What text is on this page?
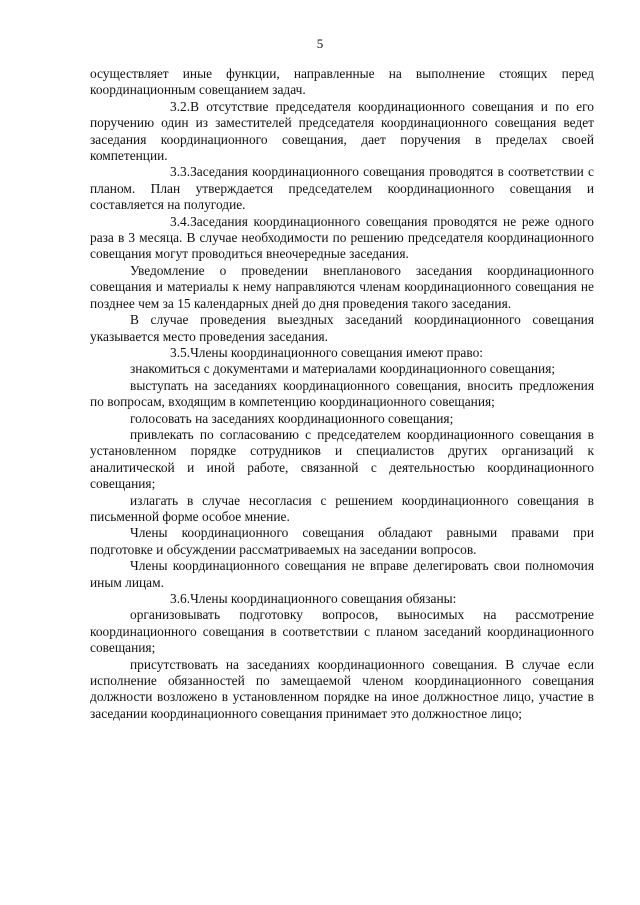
5

осуществляет иные функции, направленные на выполнение стоящих перед координационным совещанием задач.

3.2.В отсутствие председателя координационного совещания и по его поручению один из заместителей председателя координационного совещания ведет заседания координационного совещания, дает поручения в пределах своей компетенции.

3.3.Заседания координационного совещания проводятся в соответствии с планом. План утверждается председателем координационного совещания и составляется на полугодие.

3.4.Заседания координационного совещания проводятся не реже одного раза в 3 месяца. В случае необходимости по решению председателя координационного совещания могут проводиться внеочередные заседания.

Уведомление о проведении внепланового заседания координационного совещания и материалы к нему направляются членам координационного совещания не позднее чем за 15 календарных дней до дня проведения такого заседания.

В случае проведения выездных заседаний координационного совещания указывается место проведения заседания.

3.5.Члены координационного совещания имеют право:

знакомиться с документами и материалами координационного совещания;

выступать на заседаниях координационного совещания, вносить предложения по вопросам, входящим в компетенцию координационного совещания;

голосовать на заседаниях координационного совещания;

привлекать по согласованию с председателем координационного совещания в установленном порядке сотрудников и специалистов других организаций к аналитической и иной работе, связанной с деятельностью координационного совещания;

излагать в случае несогласия с решением координационного совещания в письменной форме особое мнение.

Члены координационного совещания обладают равными правами при подготовке и обсуждении рассматриваемых на заседании вопросов.

Члены координационного совещания не вправе делегировать свои полномочия иным лицам.

3.6.Члены координационного совещания обязаны:

организовывать подготовку вопросов, выносимых на рассмотрение координационного совещания в соответствии с планом заседаний координационного совещания;

присутствовать на заседаниях координационного совещания. В случае если исполнение обязанностей по замещаемой членом координационного совещания должности возложено в установленном порядке на иное должностное лицо, участие в заседании координационного совещания принимает это должностное лицо;
